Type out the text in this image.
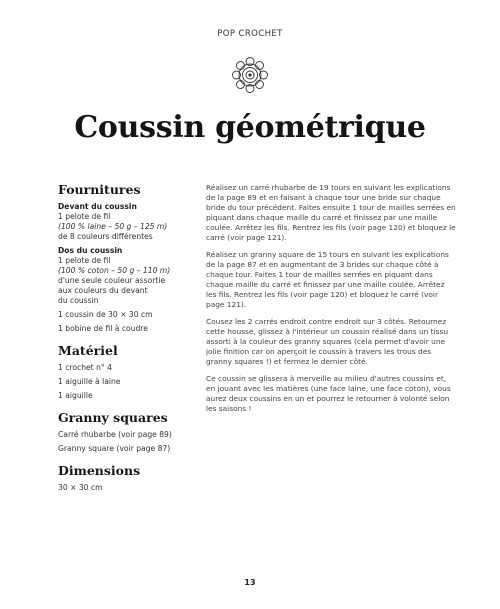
POP CROCHET
Coussin géométrique
Fournitures
Devant du coussin
1 pelote de fil
(100 % laine – 50 g – 125 m)
de 8 couleurs différentes
Dos du coussin
1 pelote de fil
(100 % coton – 50 g – 110 m)
d'une seule couleur assortie
aux couleurs du devant
du coussin
1 coussin de 30 × 30 cm
1 bobine de fil à coudre
Matériel
1 crochet n° 4
1 aiguille à laine
1 aiguille
Granny squares
Carré rhubarbe (voir page 89)
Granny square (voir page 87)
Dimensions
30 × 30 cm

Réalisez un carré rhubarbe de 19 tours en suivant les explications de la page 89 et en faisant à chaque tour une bride sur chaque bride du tour précédent. Faites ensuite 1 tour de mailles serrées en piquant dans chaque maille du carré et finissez par une maille coulée. Arrêtez les fils. Rentrez les fils (voir page 120) et bloquez le carré (voir page 121).

Réalisez un granny square de 15 tours en suivant les explications de la page 87 et en augmentant de 3 brides sur chaque côté à chaque tour. Faites 1 tour de mailles serrées en piquant dans chaque maille du carré et finissez par une maille coulée. Arrêtez les fils. Rentrez les fils (voir page 120) et bloquez le carré (voir page 121).

Cousez les 2 carrés endroit contre endroit sur 3 côtés. Retournez cette housse, glissez à l'intérieur un coussin réalisé dans un tissu assorti à la couleur des granny squares (cela permet d'avoir une jolie finition car on aperçoit le coussin à travers les trous des granny squares !) et fermez le dernier côté.

Ce coussin se glissera à merveille au milieu d'autres coussins et, en jouant avec les matières (une face laine, une face coton), vous aurez deux coussins en un et pourrez le retourner à volonté selon les saisons !

13
